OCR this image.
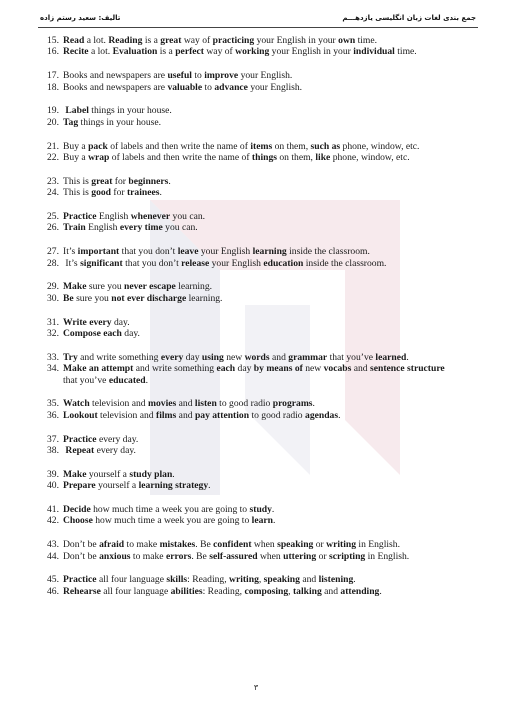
تالیف: سعید رستم زاده	جمع بندی لغات زبان انگلیسی یازدهـــم
15. Read a lot. Reading is a great way of practicing your English in your own time.
16. Recite a lot. Evaluation is a perfect way of working your English in your individual time.
17. Books and newspapers are useful to improve your English.
18. Books and newspapers are valuable to advance your English.
19. Label things in your house.
20. Tag things in your house.
21. Buy a pack of labels and then write the name of items on them, such as phone, window, etc.
22. Buy a wrap of labels and then write the name of things on them, like phone, window, etc.
23. This is great for beginners.
24. This is good for trainees.
25. Practice English whenever you can.
26. Train English every time you can.
27. It’s important that you don’t leave your English learning inside the classroom.
28. It’s significant that you don’t release your English education inside the classroom.
29. Make sure you never escape learning.
30. Be sure you not ever discharge learning.
31. Write every day.
32. Compose each day.
33. Try and write something every day using new words and grammar that you’ve learned.
34. Make an attempt and write something each day by means of new vocabs and sentence structure
that you’ve educated.
35. Watch television and movies and listen to good radio programs.
36. Lookout television and films and pay attention to good radio agendas.
37. Practice every day.
38. Repeat every day.
39. Make yourself a study plan.
40. Prepare yourself a learning strategy.
41. Decide how much time a week you are going to study.
42. Choose how much time a week you are going to learn.
43. Don’t be afraid to make mistakes. Be confident when speaking or writing in English.
44. Don’t be anxious to make errors. Be self-assured when uttering or scripting in English.
45. Practice all four language skills: Reading, writing, speaking and listening.
46. Rehearse all four language abilities: Reading, composing, talking and attending.
۳
